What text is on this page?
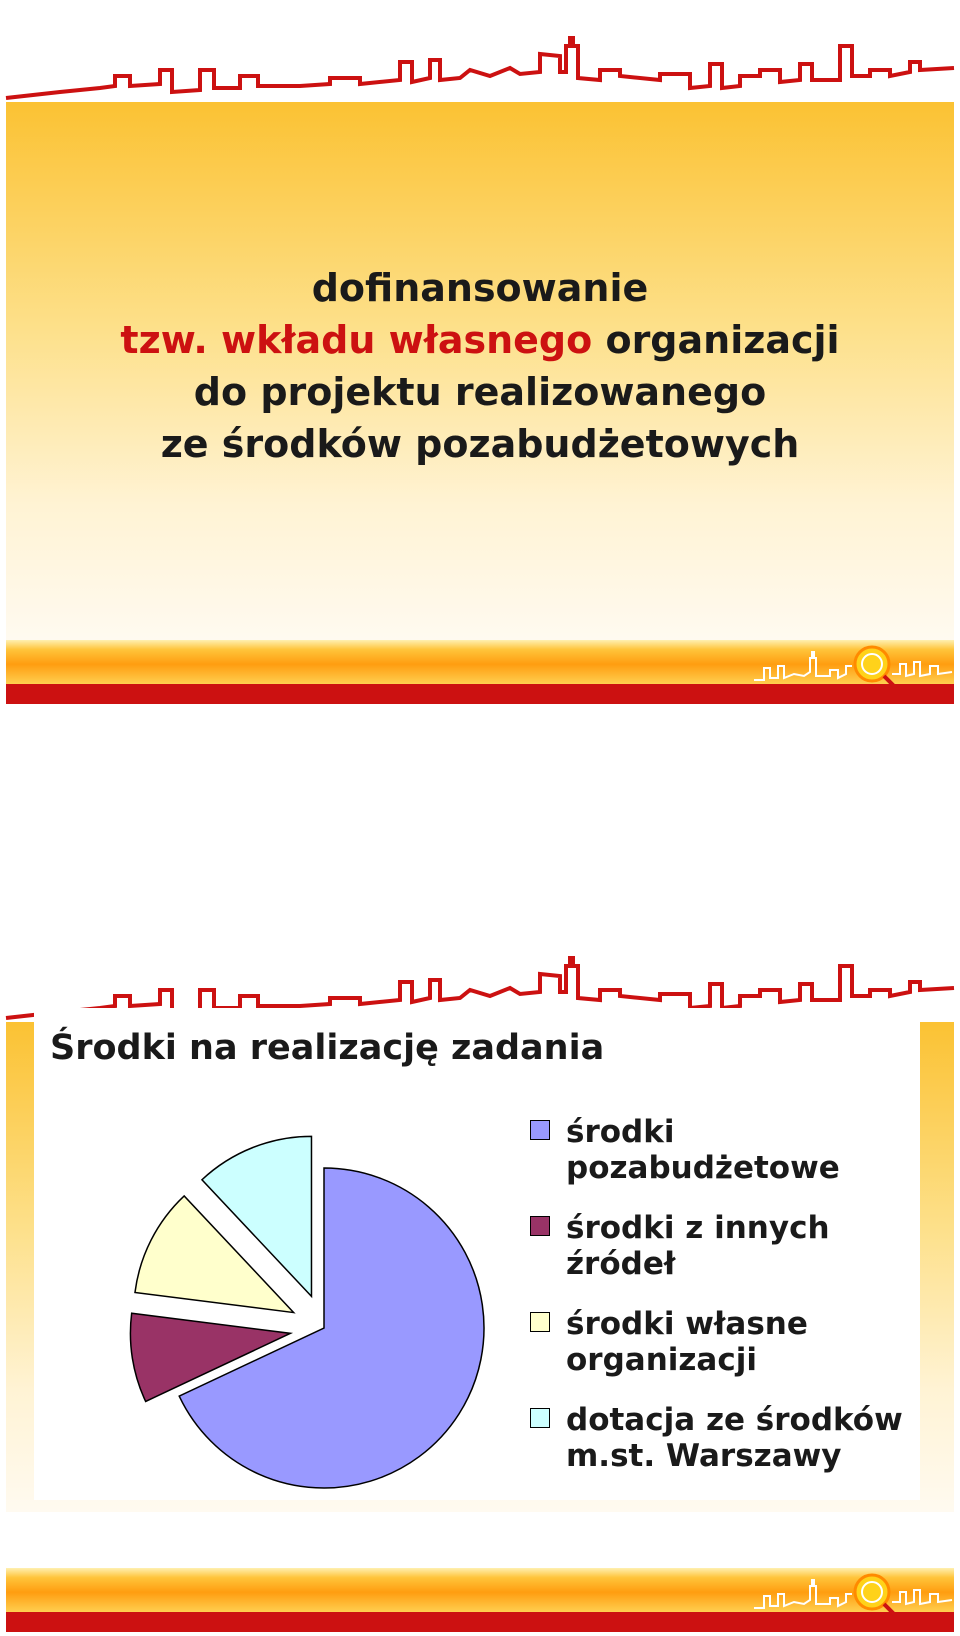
dofinansowanie
tzw. wkładu własnego organizacji
do projektu realizowanego
ze środków pozabudżetowych
Środki na realizację zadania
środki
pozabudżetowe
środki z innych
źródeł
środki własne
organizacji
dotacja ze środków
m.st. Warszawy
